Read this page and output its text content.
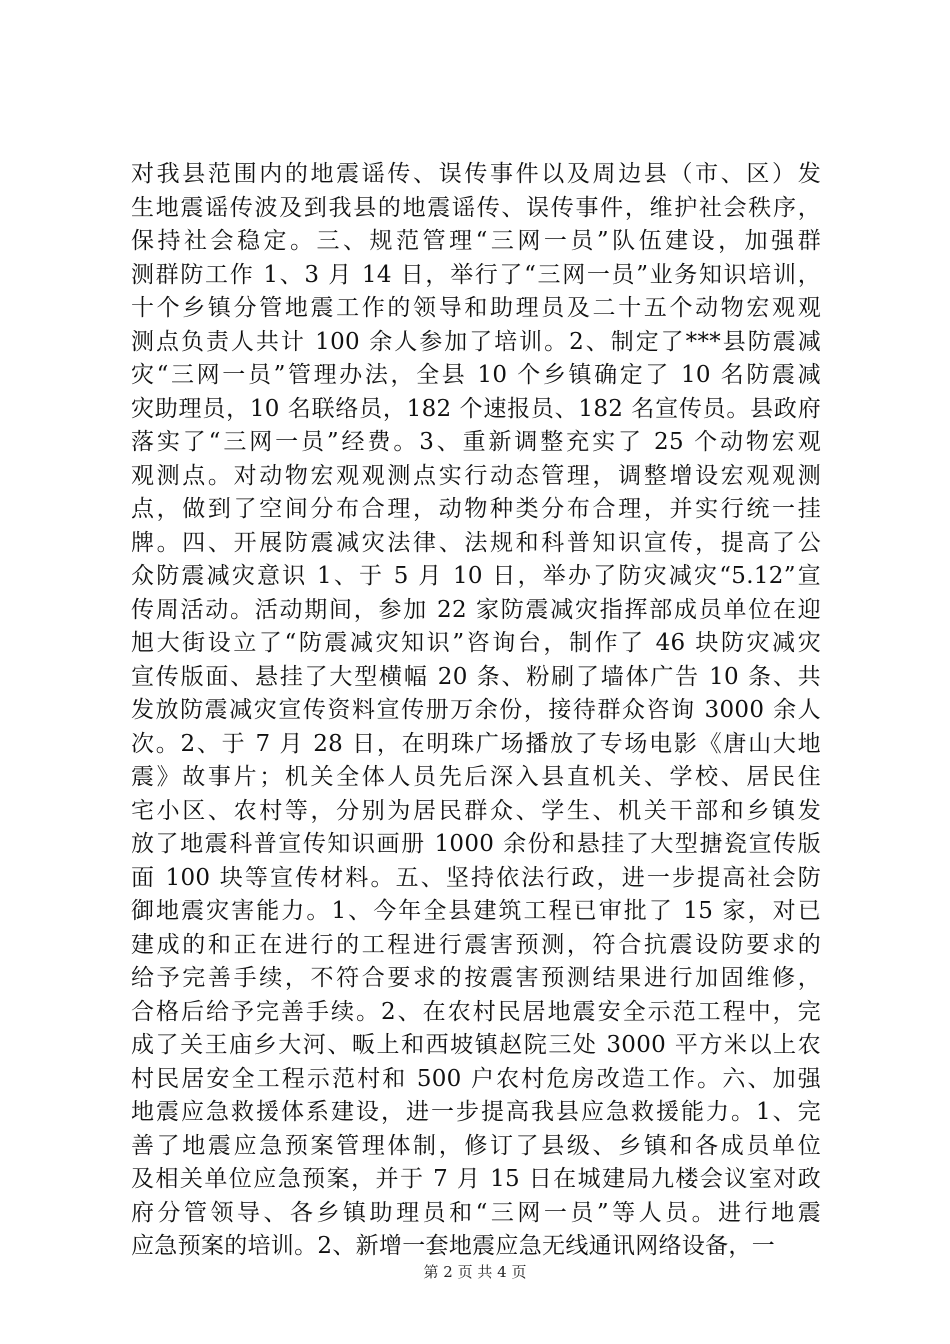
对我县范围内的地震谣传、误传事件以及周边县（市、区）发
生地震谣传波及到我县的地震谣传、误传事件，维护社会秩序，
保持社会稳定。三、规范管理“三网一员”队伍建设，加强群
测群防工作 1、3 月 14 日，举行了“三网一员”业务知识培训，
十个乡镇分管地震工作的领导和助理员及二十五个动物宏观观
测点负责人共计 100 余人参加了培训。2、制定了***县防震减
灾“三网一员”管理办法，全县 10 个乡镇确定了 10 名防震减
灾助理员，10 名联络员，182 个速报员、182 名宣传员。县政府
落实了“三网一员”经费。3、重新调整充实了 25 个动物宏观
观测点。对动物宏观观测点实行动态管理，调整增设宏观观测
点，做到了空间分布合理，动物种类分布合理，并实行统一挂
牌。四、开展防震减灾法律、法规和科普知识宣传，提高了公
众防震减灾意识 1、于 5 月 10 日，举办了防灾减灾“5.12”宣
传周活动。活动期间，参加 22 家防震减灾指挥部成员单位在迎
旭大街设立了“防震减灾知识”咨询台，制作了 46 块防灾减灾
宣传版面、悬挂了大型横幅 20 条、粉刷了墙体广告 10 条、共
发放防震减灾宣传资料宣传册万余份，接待群众咨询 3000 余人
次。2、于 7 月 28 日，在明珠广场播放了专场电影《唐山大地
震》故事片；机关全体人员先后深入县直机关、学校、居民住
宅小区、农村等，分别为居民群众、学生、机关干部和乡镇发
放了地震科普宣传知识画册 1000 余份和悬挂了大型搪瓷宣传版
面 100 块等宣传材料。五、坚持依法行政，进一步提高社会防
御地震灾害能力。1、今年全县建筑工程已审批了 15 家，对已
建成的和正在进行的工程进行震害预测，符合抗震设防要求的
给予完善手续，不符合要求的按震害预测结果进行加固维修，
合格后给予完善手续。2、在农村民居地震安全示范工程中，完
成了关王庙乡大河、畈上和西坡镇赵院三处 3000 平方米以上农
村民居安全工程示范村和 500 户农村危房改造工作。六、加强
地震应急救援体系建设，进一步提高我县应急救援能力。1、完
善了地震应急预案管理体制，修订了县级、乡镇和各成员单位
及相关单位应急预案，并于 7 月 15 日在城建局九楼会议室对政
府分管领导、各乡镇助理员和“三网一员”等人员。进行地震
应急预案的培训。2、新增一套地震应急无线通讯网络设备，一
第 2 页 共 4 页
